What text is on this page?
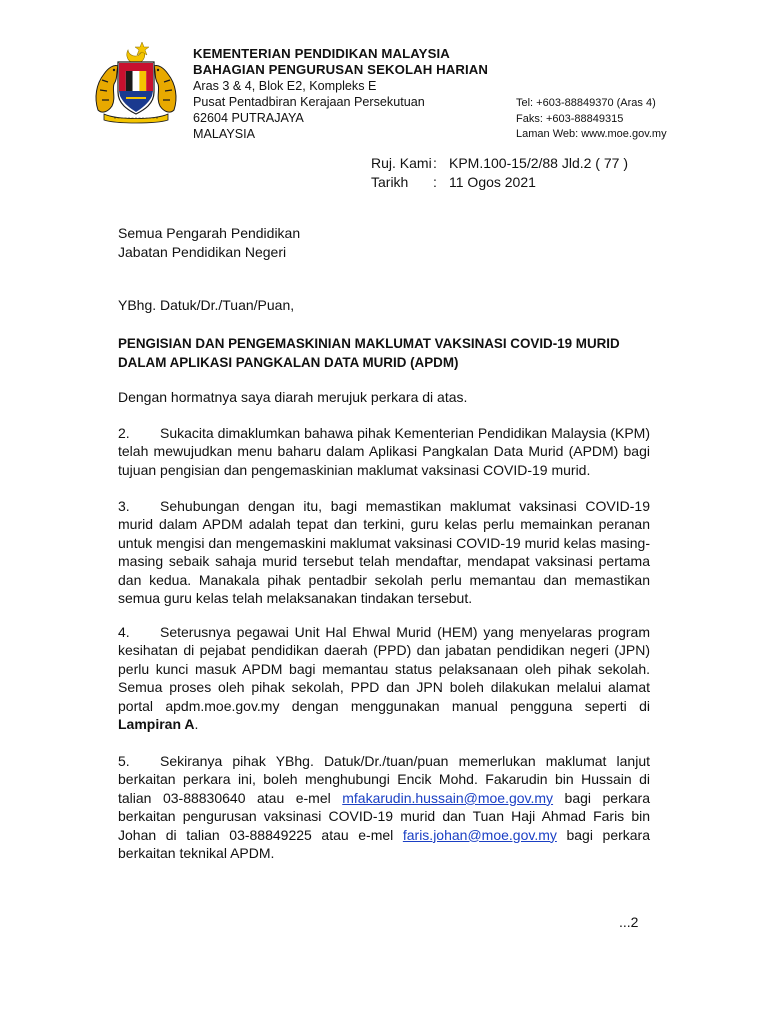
KEMENTERIAN PENDIDIKAN MALAYSIA
BAHAGIAN PENGURUSAN SEKOLAH HARIAN
Aras 3 & 4, Blok E2, Kompleks E
Pusat Pentadbiran Kerajaan Persekutuan
62604 PUTRAJAYA
MALAYSIA
Tel: +603-88849370 (Aras 4)
Faks: +603-88849315
Laman Web: www.moe.gov.my
Ruj. Kami : KPM.100-15/2/88 Jld.2 ( 77 )
Tarikh	: 11 Ogos 2021
Semua Pengarah Pendidikan
Jabatan Pendidikan Negeri
YBhg. Datuk/Dr./Tuan/Puan,
PENGISIAN DAN PENGEMASKINIAN MAKLUMAT VAKSINASI COVID-19 MURID DALAM APLIKASI PANGKALAN DATA MURID (APDM)
Dengan hormatnya saya diarah merujuk perkara di atas.
2. Sukacita dimaklumkan bahawa pihak Kementerian Pendidikan Malaysia (KPM) telah mewujudkan menu baharu dalam Aplikasi Pangkalan Data Murid (APDM) bagi tujuan pengisian dan pengemaskinian maklumat vaksinasi COVID-19 murid.
3. Sehubungan dengan itu, bagi memastikan maklumat vaksinasi COVID-19 murid dalam APDM adalah tepat dan terkini, guru kelas perlu memainkan peranan untuk mengisi dan mengemaskini maklumat vaksinasi COVID-19 murid kelas masing-masing sebaik sahaja murid tersebut telah mendaftar, mendapat vaksinasi pertama dan kedua. Manakala pihak pentadbir sekolah perlu memantau dan memastikan semua guru kelas telah melaksanakan tindakan tersebut.
4. Seterusnya pegawai Unit Hal Ehwal Murid (HEM) yang menyelaras program kesihatan di pejabat pendidikan daerah (PPD) dan jabatan pendidikan negeri (JPN) perlu kunci masuk APDM bagi memantau status pelaksanaan oleh pihak sekolah. Semua proses oleh pihak sekolah, PPD dan JPN boleh dilakukan melalui alamat portal apdm.moe.gov.my dengan menggunakan manual pengguna seperti di Lampiran A.
5. Sekiranya pihak YBhg. Datuk/Dr./tuan/puan memerlukan maklumat lanjut berkaitan perkara ini, boleh menghubungi Encik Mohd. Fakarudin bin Hussain di talian 03-88830640 atau e-mel mfakarudin.hussain@moe.gov.my bagi perkara berkaitan pengurusan vaksinasi COVID-19 murid dan Tuan Haji Ahmad Faris bin Johan di talian 03-88849225 atau e-mel faris.johan@moe.gov.my bagi perkara berkaitan teknikal APDM.
...2
